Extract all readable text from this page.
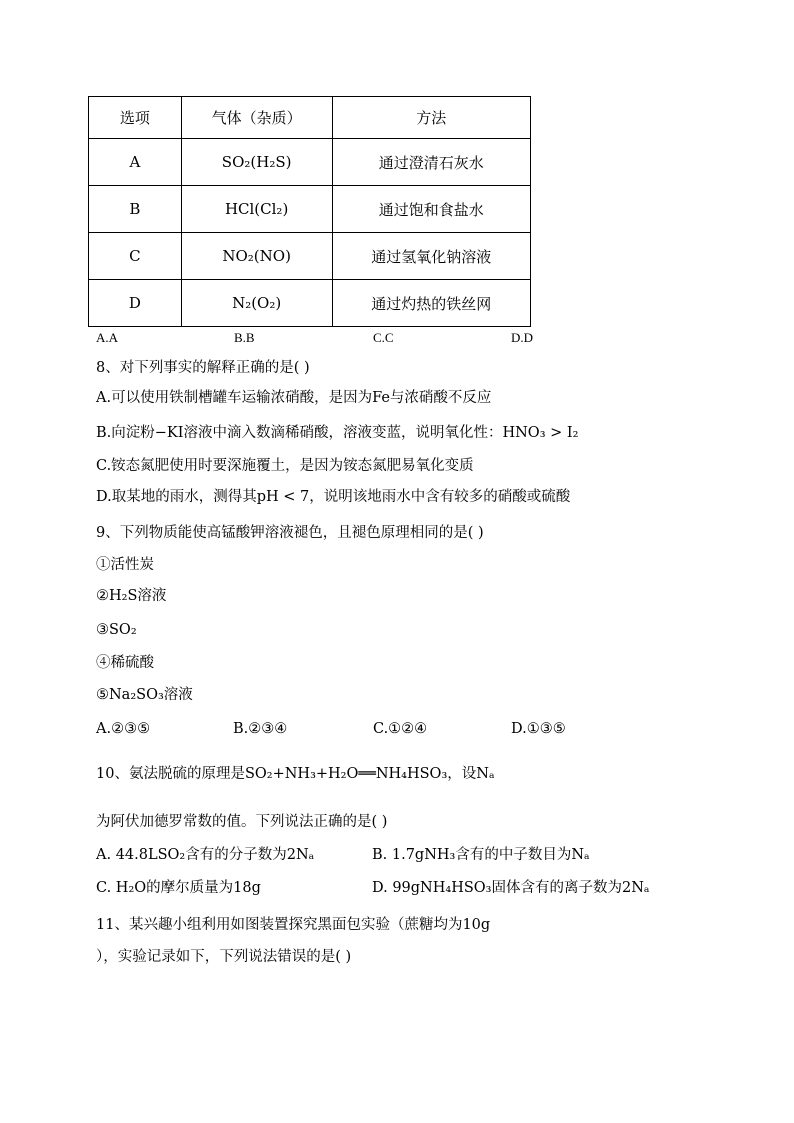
选项	气体（杂质）	方法
A	SO₂(H₂S)	通过澄清石灰水
B	HCl(Cl₂)	通过饱和食盐水
C	NO₂(NO)	通过氢氧化钠溶液
D	N₂(O₂)	通过灼热的铁丝网
A.A	B.B	C.C	D.D
8、对下列事实的解释正确的是( )
A.可以使用铁制槽罐车运输浓硝酸，是因为Fe与浓硝酸不反应
B.向淀粉−KI溶液中滴入数滴稀硝酸，溶液变蓝，说明氧化性：HNO₃ > I₂
C.铵态氮肥使用时要深施覆土，是因为铵态氮肥易氧化变质
D.取某地的雨水，测得其pH < 7，说明该地雨水中含有较多的硝酸或硫酸
9、下列物质能使高锰酸钾溶液褪色，且褪色原理相同的是( )
①活性炭
②H₂S溶液
③SO₂
④稀硫酸
⑤Na₂SO₃溶液
A.②③⑤	B.②③④	C.①②④	D.①③⑤
10、氨法脱硫的原理是SO₂+NH₃+H₂O══NH₄HSO₃，设Nₐ
为阿伏加德罗常数的值。下列说法正确的是( )
A. 44.8LSO₂含有的分子数为2Nₐ	B. 1.7gNH₃含有的中子数目为Nₐ
C. H₂O的摩尔质量为18g	D. 99gNH₄HSO₃固体含有的离子数为2Nₐ
11、某兴趣小组利用如图装置探究黑面包实验（蔗糖均为10g
），实验记录如下，下列说法错误的是( )
